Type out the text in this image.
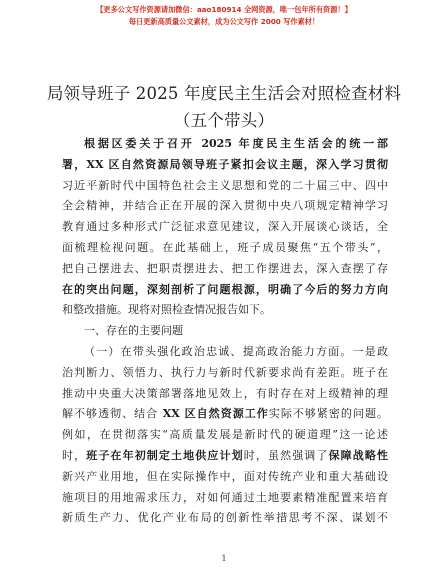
【更多公文写作资源请加微信：aao180914 全网资源，唯一包年所有资源！】
每日更新高质量公文素材，成为公文写作 2000 写作素材！
局领导班子 2025 年度民主生活会对照检查材料
（五个带头）

根据区委关于召开 2025 年度民主生活会的统一部
署，XX 区自然资源局领导班子紧扣会议主题，深入学习贯彻
习近平新时代中国特色社会主义思想和党的二十届三中、四中
全会精神，并结合正在开展的深入贯彻中央八项规定精神学习
教育通过多种形式广泛征求意见建议，深入开展谈心谈话，全
面梳理检视问题。在此基础上，班子成员聚焦“五个带头”，
把自己摆进去、把职责摆进去、把工作摆进去，深入查摆了存
在的突出问题，深刻剖析了问题根源，明确了今后的努力方向
和整改措施。现将对照检查情况报告如下。

一、存在的主要问题

（一）在带头强化政治忠诚、提高政治能力方面。一是政
治判断力、领悟力、执行力与新时代新要求尚有差距。班子在
推动中央重大决策部署落地见效上，有时存在对上级精神的理
解不够透彻、结合 XX 区自然资源工作实际不够紧密的问题。
例如，在贯彻落实“高质量发展是新时代的硬道理”这一论述
时，班子在年初制定土地供应计划时，虽然强调了保障战略性
新兴产业用地，但在实际操作中，面对传统产业和重大基础设
施项目的用地需求压力，对如何通过土地要素精准配置来培育
新质生产力、优化产业布局的创新性举措思考不深、谋划不

1
